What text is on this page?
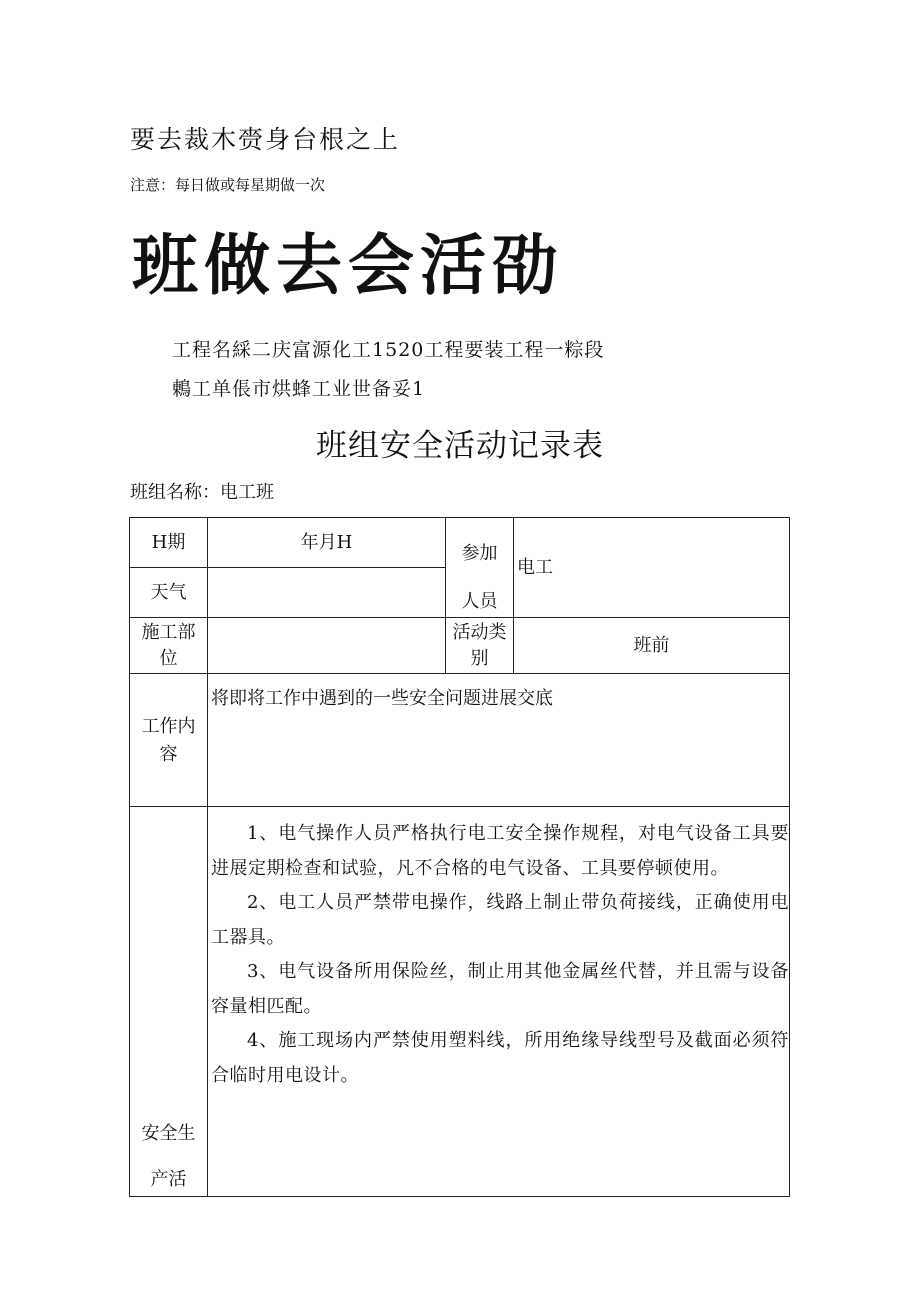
要去裁木赍身台根之上
注意：每日做或每星期做一次
班做去会活劭
工程名綵二庆富源化工1520工程要装工程一粽段
鶇工单倀市烘蜂工业世备妥1
班组安全活动记录表
班组名称：电工班
H期	年月H
参加
人员
电工
天气
施工部
位
活动类
别
班前
工作内
容
将即将工作中遇到的一些安全问题进展交底
安全生
产活

1、电气操作人员严格执行电工安全操作规程，对电气设备工具要进展定期检查和试验，凡不合格的电气设备、工具要停顿使用。

2、电工人员严禁带电操作，线路上制止带负荷接线，正确使用电工器具。

3、电气设备所用保险丝，制止用其他金属丝代替，并且需与设备容量相匹配。

4、施工现场内严禁使用塑料线，所用绝缘导线型号及截面必须符合临时用电设计。
